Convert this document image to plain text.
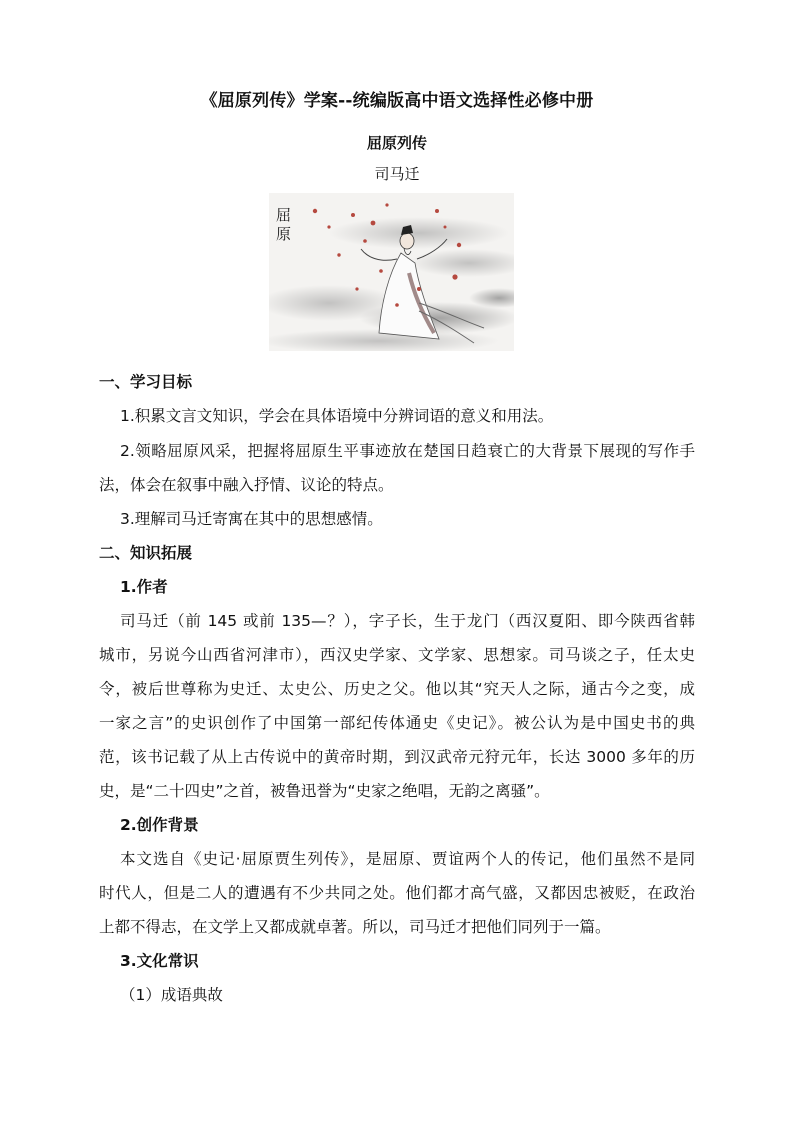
《屈原列传》学案--统编版高中语文选择性必修中册
屈原列传
司马迁
屈原
一、学习目标
1.积累文言文知识，学会在具体语境中分辨词语的意义和用法。
2.领略屈原风采，把握将屈原生平事迹放在楚国日趋衰亡的大背景下展现的写作手
法，体会在叙事中融入抒情、议论的特点。
3.理解司马迁寄寓在其中的思想感情。
二、知识拓展
1.作者
司马迁（前 145 或前 135—？），字子长，生于龙门（西汉夏阳、即今陕西省韩
城市，另说今山西省河津市），西汉史学家、文学家、思想家。司马谈之子，任太史
令，被后世尊称为史迁、太史公、历史之父。他以其“究天人之际，通古今之变，成
一家之言”的史识创作了中国第一部纪传体通史《史记》。被公认为是中国史书的典
范，该书记载了从上古传说中的黄帝时期，到汉武帝元狩元年，长达 3000 多年的历
史，是“二十四史”之首，被鲁迅誉为“史家之绝唱，无韵之离骚”。
2.创作背景
本文选自《史记·屈原贾生列传》，是屈原、贾谊两个人的传记，他们虽然不是同
时代人，但是二人的遭遇有不少共同之处。他们都才高气盛，又都因忠被贬，在政治
上都不得志，在文学上又都成就卓著。所以，司马迁才把他们同列于一篇。
3.文化常识
（1）成语典故
